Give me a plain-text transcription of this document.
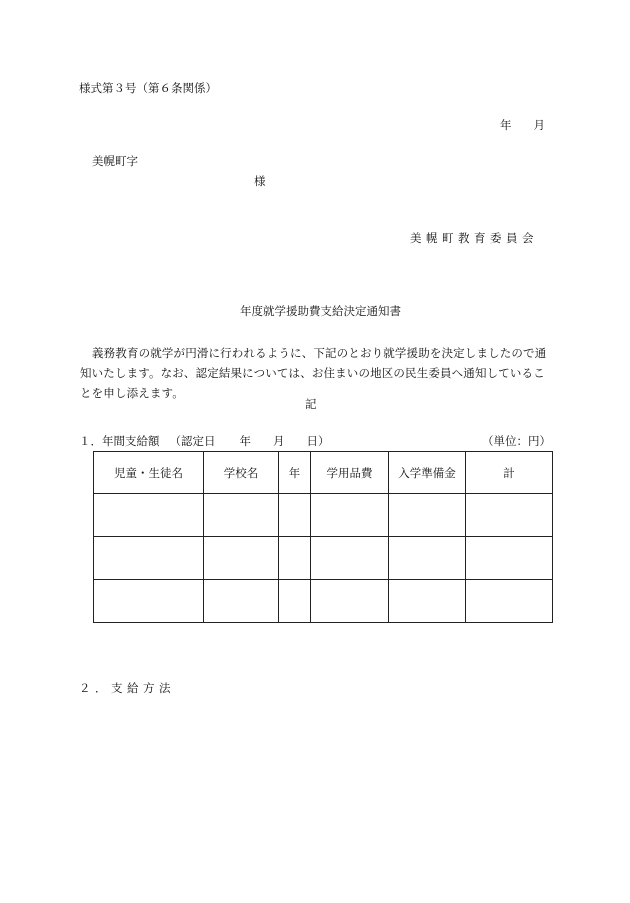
様式第３号（第６条関係）
年 月
美幌町字
様
美幌町教育委員会
年度就学援助費支給決定通知書
義務教育の就学が円滑に行われるように、下記のとおり就学援助を決定しましたので通知いたします。なお、認定結果については、お住まいの地区の民生委員へ通知していることを申し添えます。
記
１．年間支給額 （認定日 年 月 日）	（単位：円）
児童・生徒名	学校名	年	学用品費	入学準備金	計

２．支給方法
